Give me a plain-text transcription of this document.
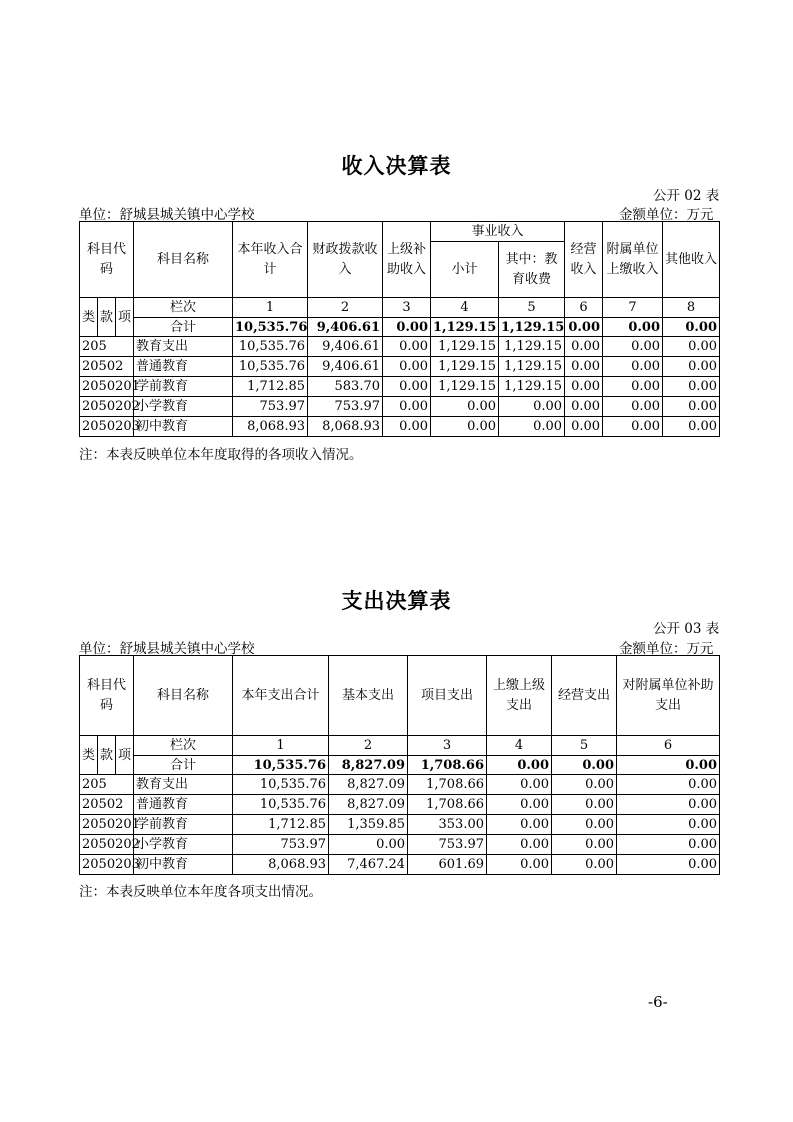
收入决算表
公开 02 表
单位：舒城县城关镇中心学校	金额单位：万元
科目代码			科目名称	本年收入合计	财政拨款收入	上级补助收入	事业收入		经营收入	附属单位上缴收入	其他收入
							小计	其中：教育收费			
类	款	项	栏次	1	2	3	4	5	6	7	8
			合计	10,535.76	9,406.61	0.00	1,129.15	1,129.15	0.00	0.00	0.00
205			教育支出	10,535.76	9,406.61	0.00	1,129.15	1,129.15	0.00	0.00	0.00
20502			普通教育	10,535.76	9,406.61	0.00	1,129.15	1,129.15	0.00	0.00	0.00
2050201			学前教育	1,712.85	583.70	0.00	1,129.15	1,129.15	0.00	0.00	0.00
2050202			小学教育	753.97	753.97	0.00	0.00	0.00	0.00	0.00	0.00
2050203			初中教育	8,068.93	8,068.93	0.00	0.00	0.00	0.00	0.00	0.00
注：本表反映单位本年度取得的各项收入情况。
支出决算表
公开 03 表
单位：舒城县城关镇中心学校	金额单位：万元
科目代码			科目名称	本年支出合计	基本支出	项目支出	上缴上级支出	经营支出	对附属单位补助支出
类	款	项	栏次	1	2	3	4	5	6
			合计	10,535.76	8,827.09	1,708.66	0.00	0.00	0.00
205			教育支出	10,535.76	8,827.09	1,708.66	0.00	0.00	0.00
20502			普通教育	10,535.76	8,827.09	1,708.66	0.00	0.00	0.00
2050201			学前教育	1,712.85	1,359.85	353.00	0.00	0.00	0.00
2050202			小学教育	753.97	0.00	753.97	0.00	0.00	0.00
2050203			初中教育	8,068.93	7,467.24	601.69	0.00	0.00	0.00
注：本表反映单位本年度各项支出情况。
-6-
